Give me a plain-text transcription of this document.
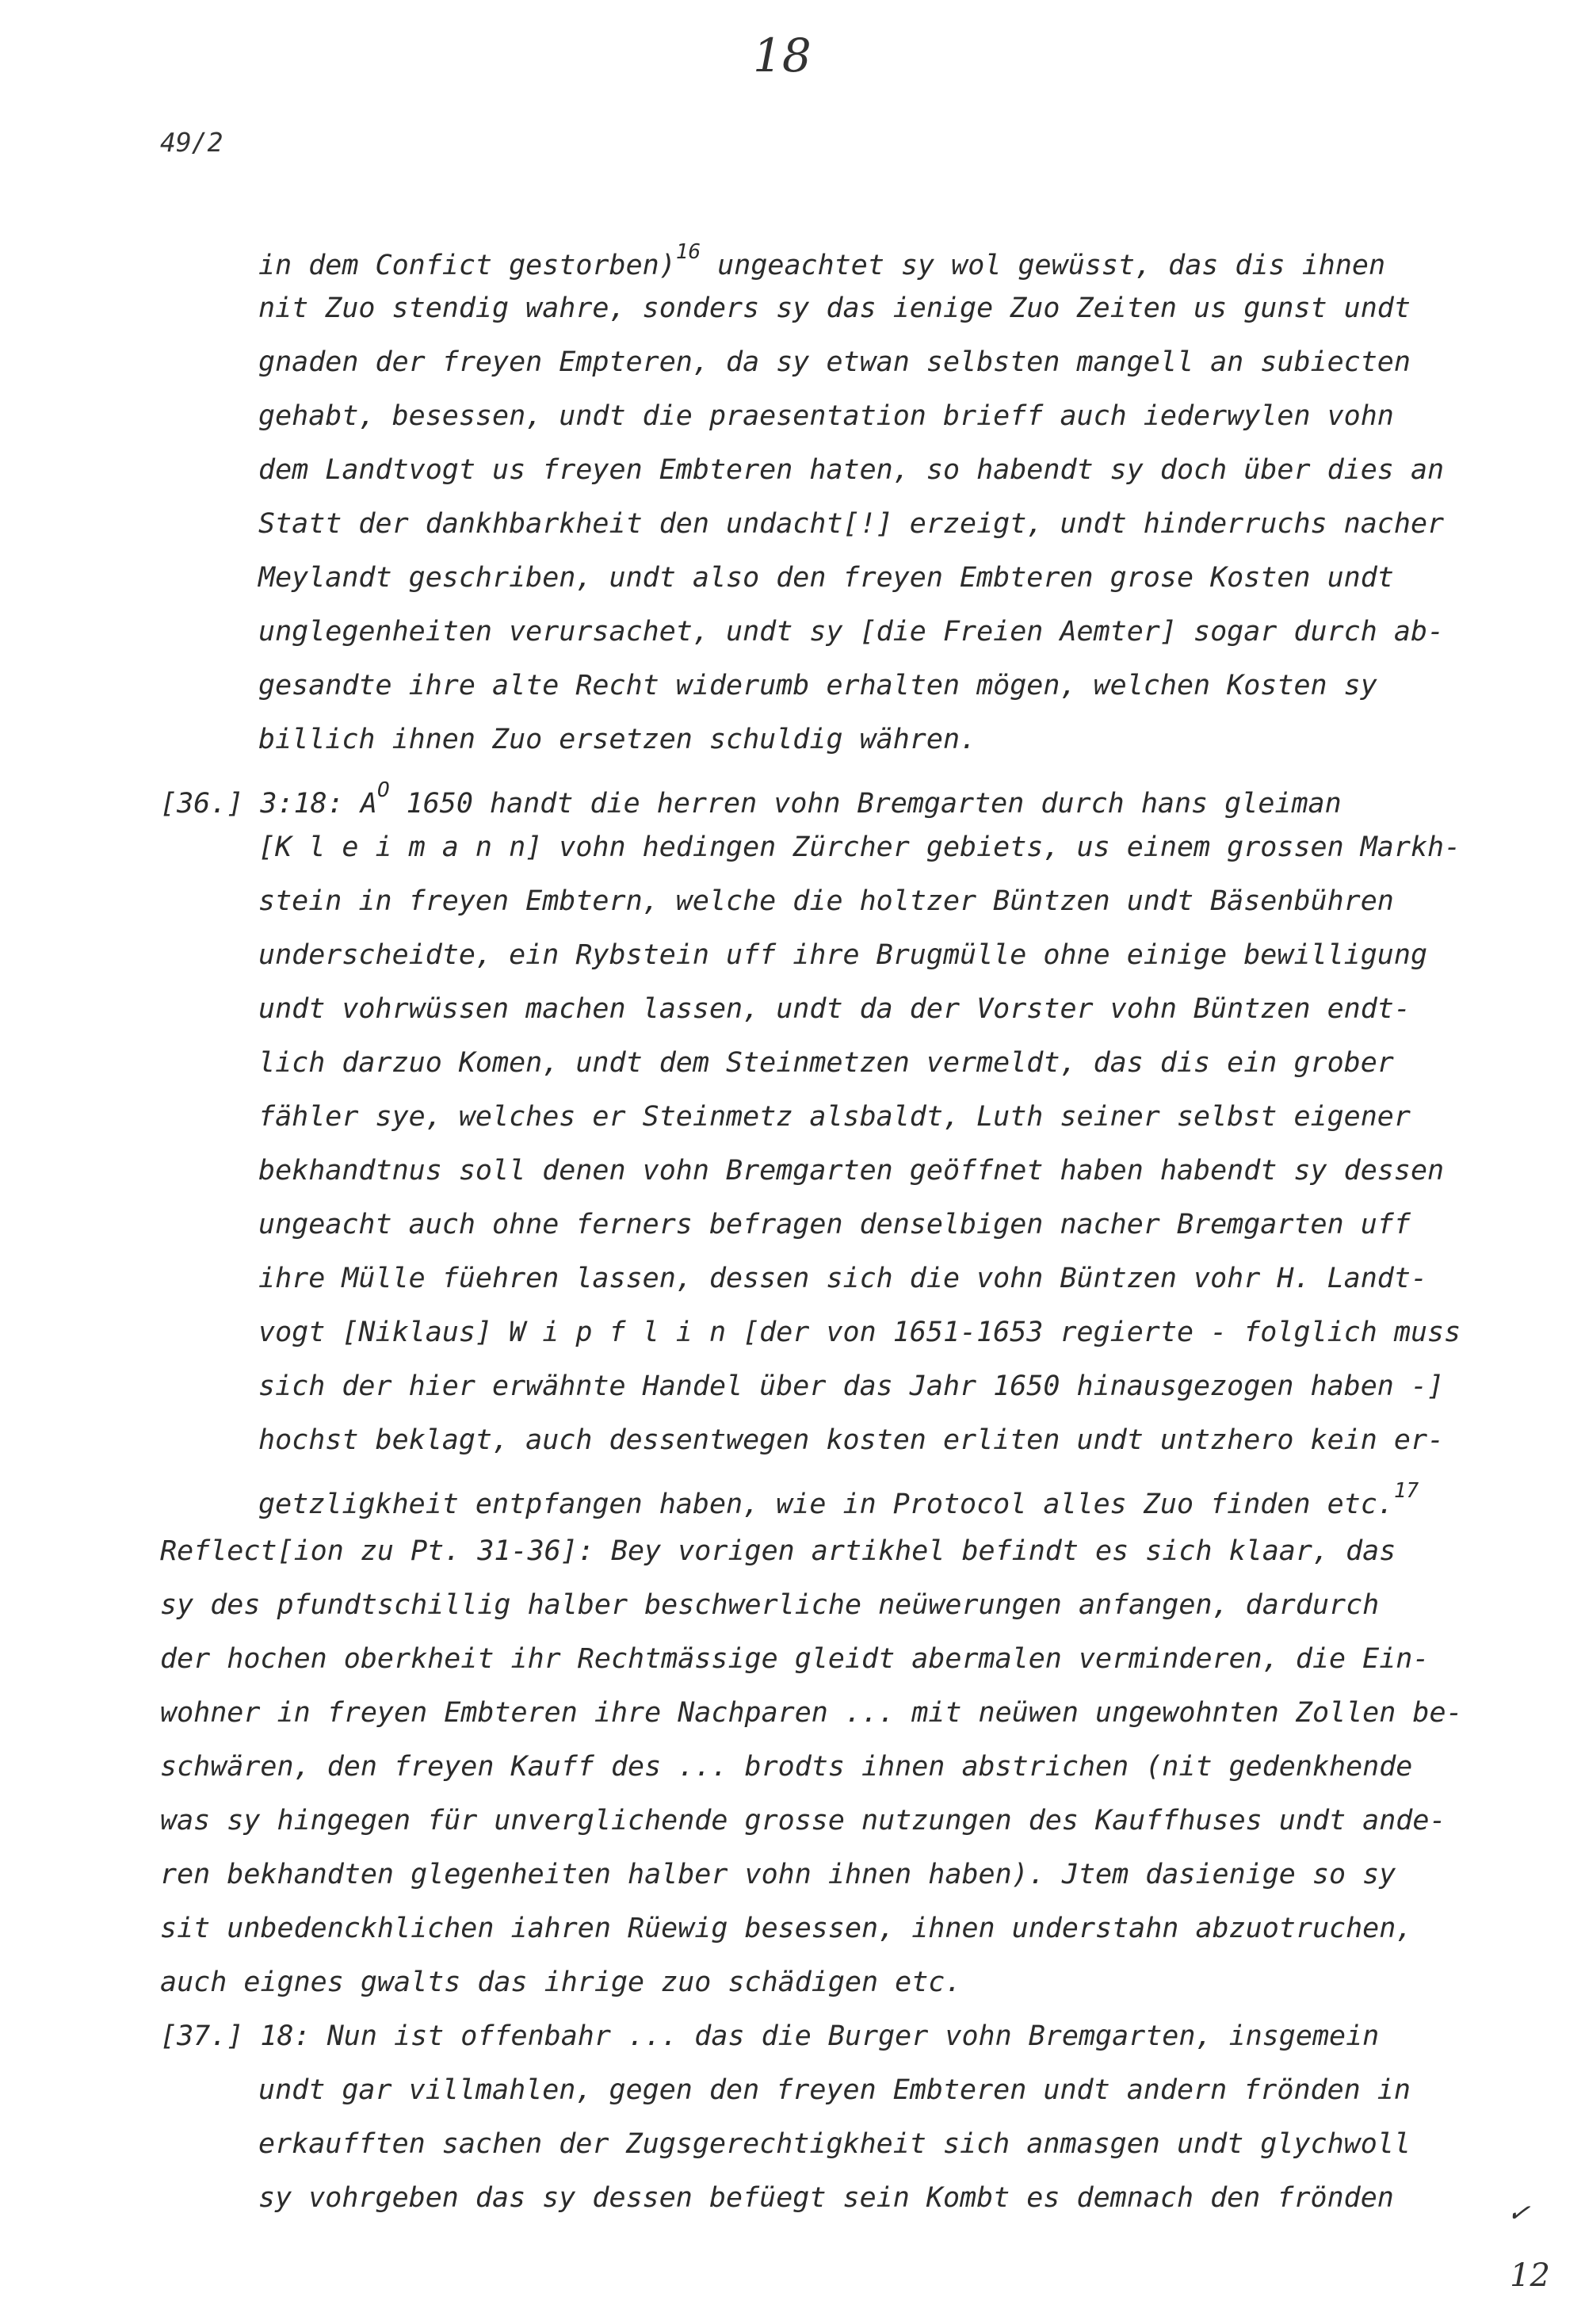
18
49/2
in dem Confict gestorben)$^{16}$ ungeachtet sy wol gewüsst, das dis ihnen
nit Zuo stendig wahre, sonders sy das ienige Zuo Zeiten us gunst undt
gnaden der freyen Empteren, da sy etwan selbsten mangell an subiecten
gehabt, besessen, undt die praesentation brieff auch iederwylen vohn
dem Landtvogt us freyen Embteren haten, so habendt sy doch über dies an
Statt der dankhbarkheit den undacht[!] erzeigt, undt hinderruchs nacher
Meylandt geschriben, undt also den freyen Embteren grose Kosten undt
unglegenheiten verursachet, undt sy [die Freien Aemter] sogar durch ab-
gesandte ihre alte Recht widerumb erhalten mögen, welchen Kosten sy
billich ihnen Zuo ersetzen schuldig währen.
[36.] 3:18: $A^O$ 1650 handt die herren vohn Bremgarten durch hans gleiman
[K l e i m a n n] vohn hedingen Zürcher gebiets, us einem grossen Markh-
stein in freyen Embtern, welche die holtzer Büntzen undt Bäsenbühren
underscheidte, ein Rybstein uff ihre Brugmülle ohne einige bewilligung
undt vohrwüssen machen lassen, undt da der Vorster vohn Büntzen endt-
lich darzuo Komen, undt dem Steinmetzen vermeldt, das dis ein grober
fähler sye, welches er Steinmetz alsbaldt, Luth seiner selbst eigener
bekhandtnus soll denen vohn Bremgarten geöffnet haben habendt sy dessen
ungeacht auch ohne ferners befragen denselbigen nacher Bremgarten uff
ihre Mülle füehren lassen, dessen sich die vohn Büntzen vohr H. Landt-
vogt [Niklaus] W i p f l i n [der von 1651-1653 regierte - folglich muss
sich der hier erwähnte Handel über das Jahr 1650 hinausgezogen haben -]
hochst beklagt, auch dessentwegen kosten erliten undt untzhero kein er-
getzligkheit entpfangen haben, wie in Protocol alles Zuo finden etc.$^{17}$
Reflect[ion zu Pt. 31-36]: Bey vorigen artikhel befindt es sich klaar, das
sy des pfundtschillig halber beschwerliche neüwerungen anfangen, dardurch
der hochen oberkheit ihr Rechtmässige gleidt abermalen verminderen, die Ein-
wohner in freyen Embteren ihre Nachparen ... mit neüwen ungewohnten Zollen be-
schwären, den freyen Kauff des ... brodts ihnen abstrichen (nit gedenkhende
was sy hingegen für unverglichende grosse nutzungen des Kauffhuses undt ande-
ren bekhandten glegenheiten halber vohn ihnen haben). Jtem dasienige so sy
sit unbedenckhlichen iahren Rüewig besessen, ihnen understahn abzuotruchen,
auch eignes gwalts das ihrige zuo schädigen etc.
[37.] 18: Nun ist offenbahr ... das die Burger vohn Bremgarten, insgemein
undt gar villmahlen, gegen den freyen Embteren undt andern frönden in
erkaufften sachen der Zugsgerechtigkheit sich anmasgen undt glychwoll
sy vohrgeben das sy dessen befüegt sein Kombt es demnach den frönden	✓
12
